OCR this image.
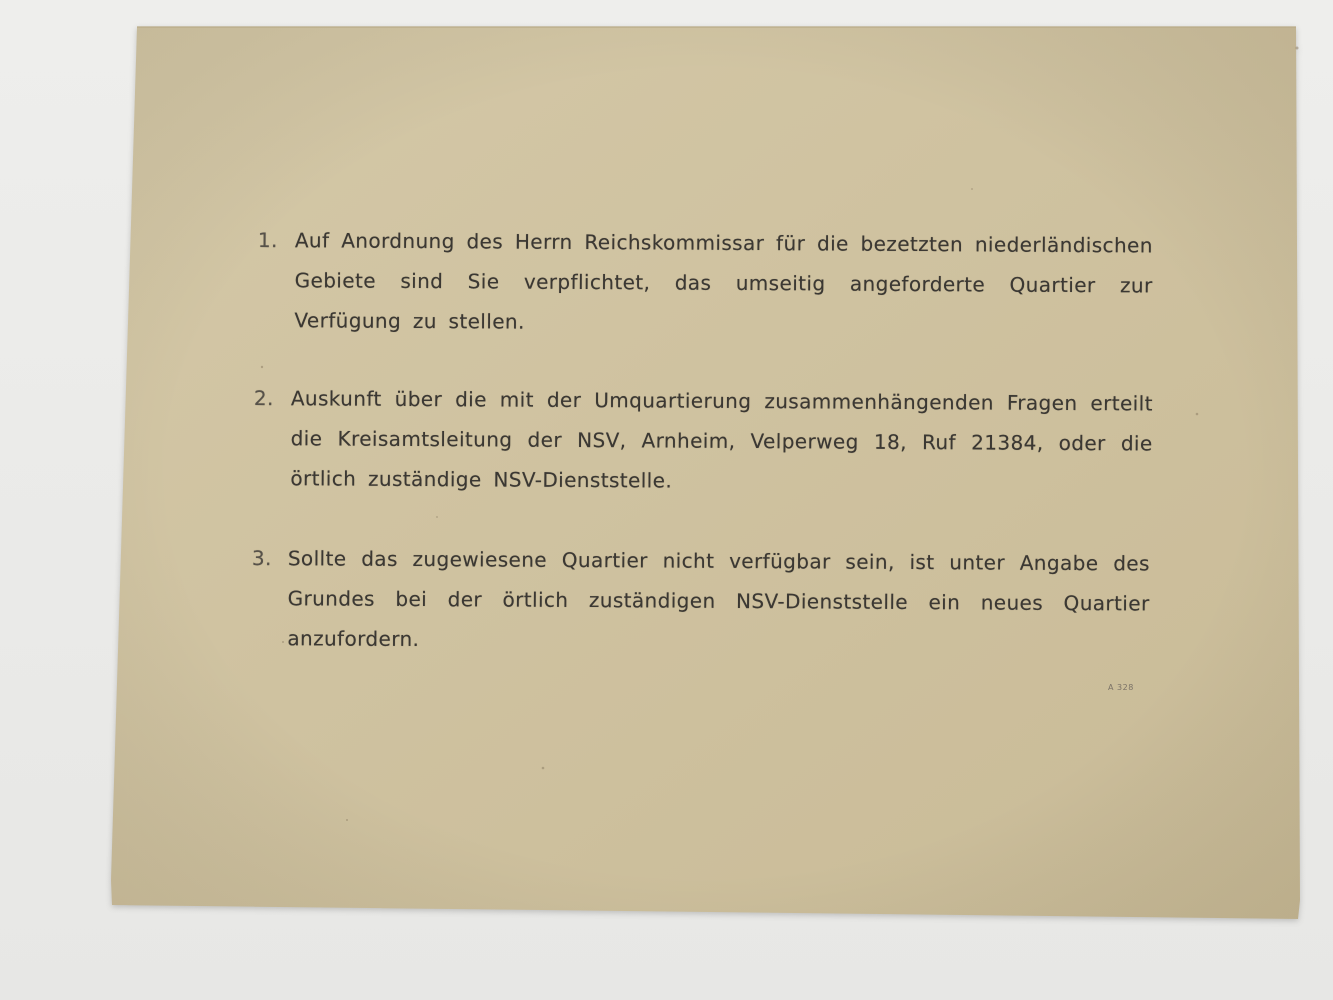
1. Auf Anordnung des Herrn Reichskommissar für die bezetzten niederländischen Gebiete sind Sie verpflichtet, das umseitig angeforderte Quartier zur Verfügung zu stellen.
2. Auskunft über die mit der Umquartierung zusammenhängenden Fragen erteilt die Kreisamtsleitung der NSV, Arnheim, Velperweg 18, Ruf 21384, oder die örtlich zuständige NSV-Dienststelle.
3. Sollte das zugewiesene Quartier nicht verfügbar sein, ist unter Angabe des Grundes bei der örtlich zuständigen NSV-Dienststelle ein neues Quartier anzufordern.
A 328
